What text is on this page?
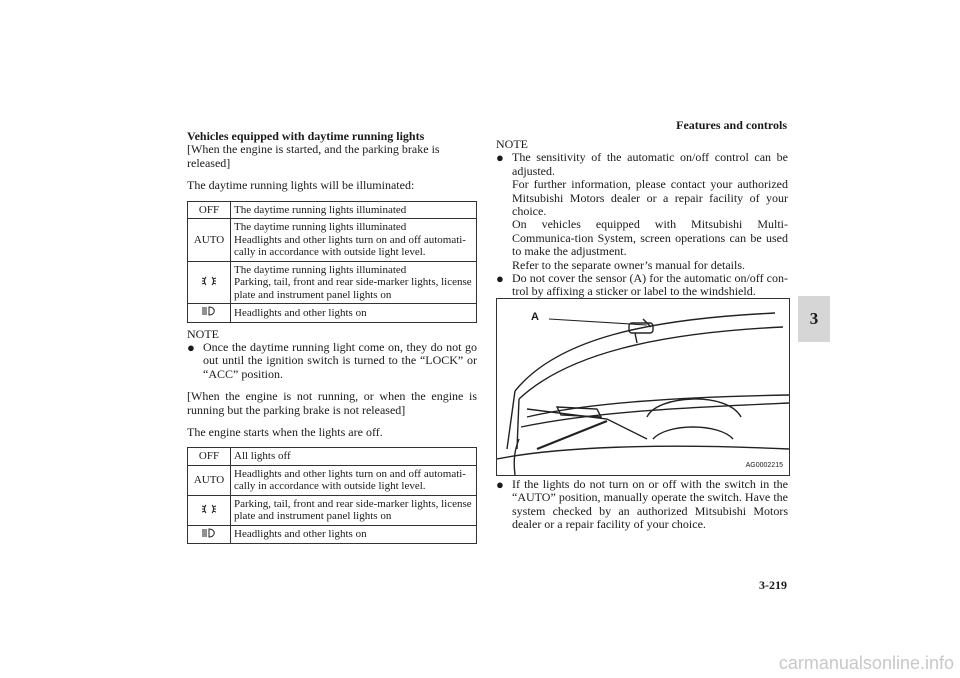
Features and controls
3
Vehicles equipped with daytime running lights
[When the engine is started, and the parking brake is released]
The daytime running lights will be illuminated:
OFF	The daytime running lights illuminated
AUTO	The daytime running lights illuminated
Headlights and other lights turn on and off automati-
cally in accordance with outside light level.
	The daytime running lights illuminated
Parking, tail, front and rear side-marker lights, license
plate and instrument panel lights on
	Headlights and other lights on
NOTE
● Once the daytime running light come on, they do not go out until the ignition switch is turned to the “LOCK” or “ACC” position.
[When the engine is not running, or when the engine is running but the parking brake is not released]
The engine starts when the lights are off.
OFF	All lights off
AUTO	Headlights and other lights turn on and off automati-
cally in accordance with outside light level.
	Parking, tail, front and rear side-marker lights, license
plate and instrument panel lights on
	Headlights and other lights on
NOTE
● The sensitivity of the automatic on/off control can be adjusted.
For further information, please contact your authorized Mitsubishi Motors dealer or a repair facility of your choice.
On vehicles equipped with Mitsubishi Multi-Communica-tion System, screen operations can be used to make the adjustment.
Refer to the separate owner’s manual for details.
● Do not cover the sensor (A) for the automatic on/off con-trol by affixing a sticker or label to the windshield.
A
AG0002215
● If the lights do not turn on or off with the switch in the “AUTO” position, manually operate the switch. Have the system checked by an authorized Mitsubishi Motors dealer or a repair facility of your choice.
3-219
carmanualsonline.info
